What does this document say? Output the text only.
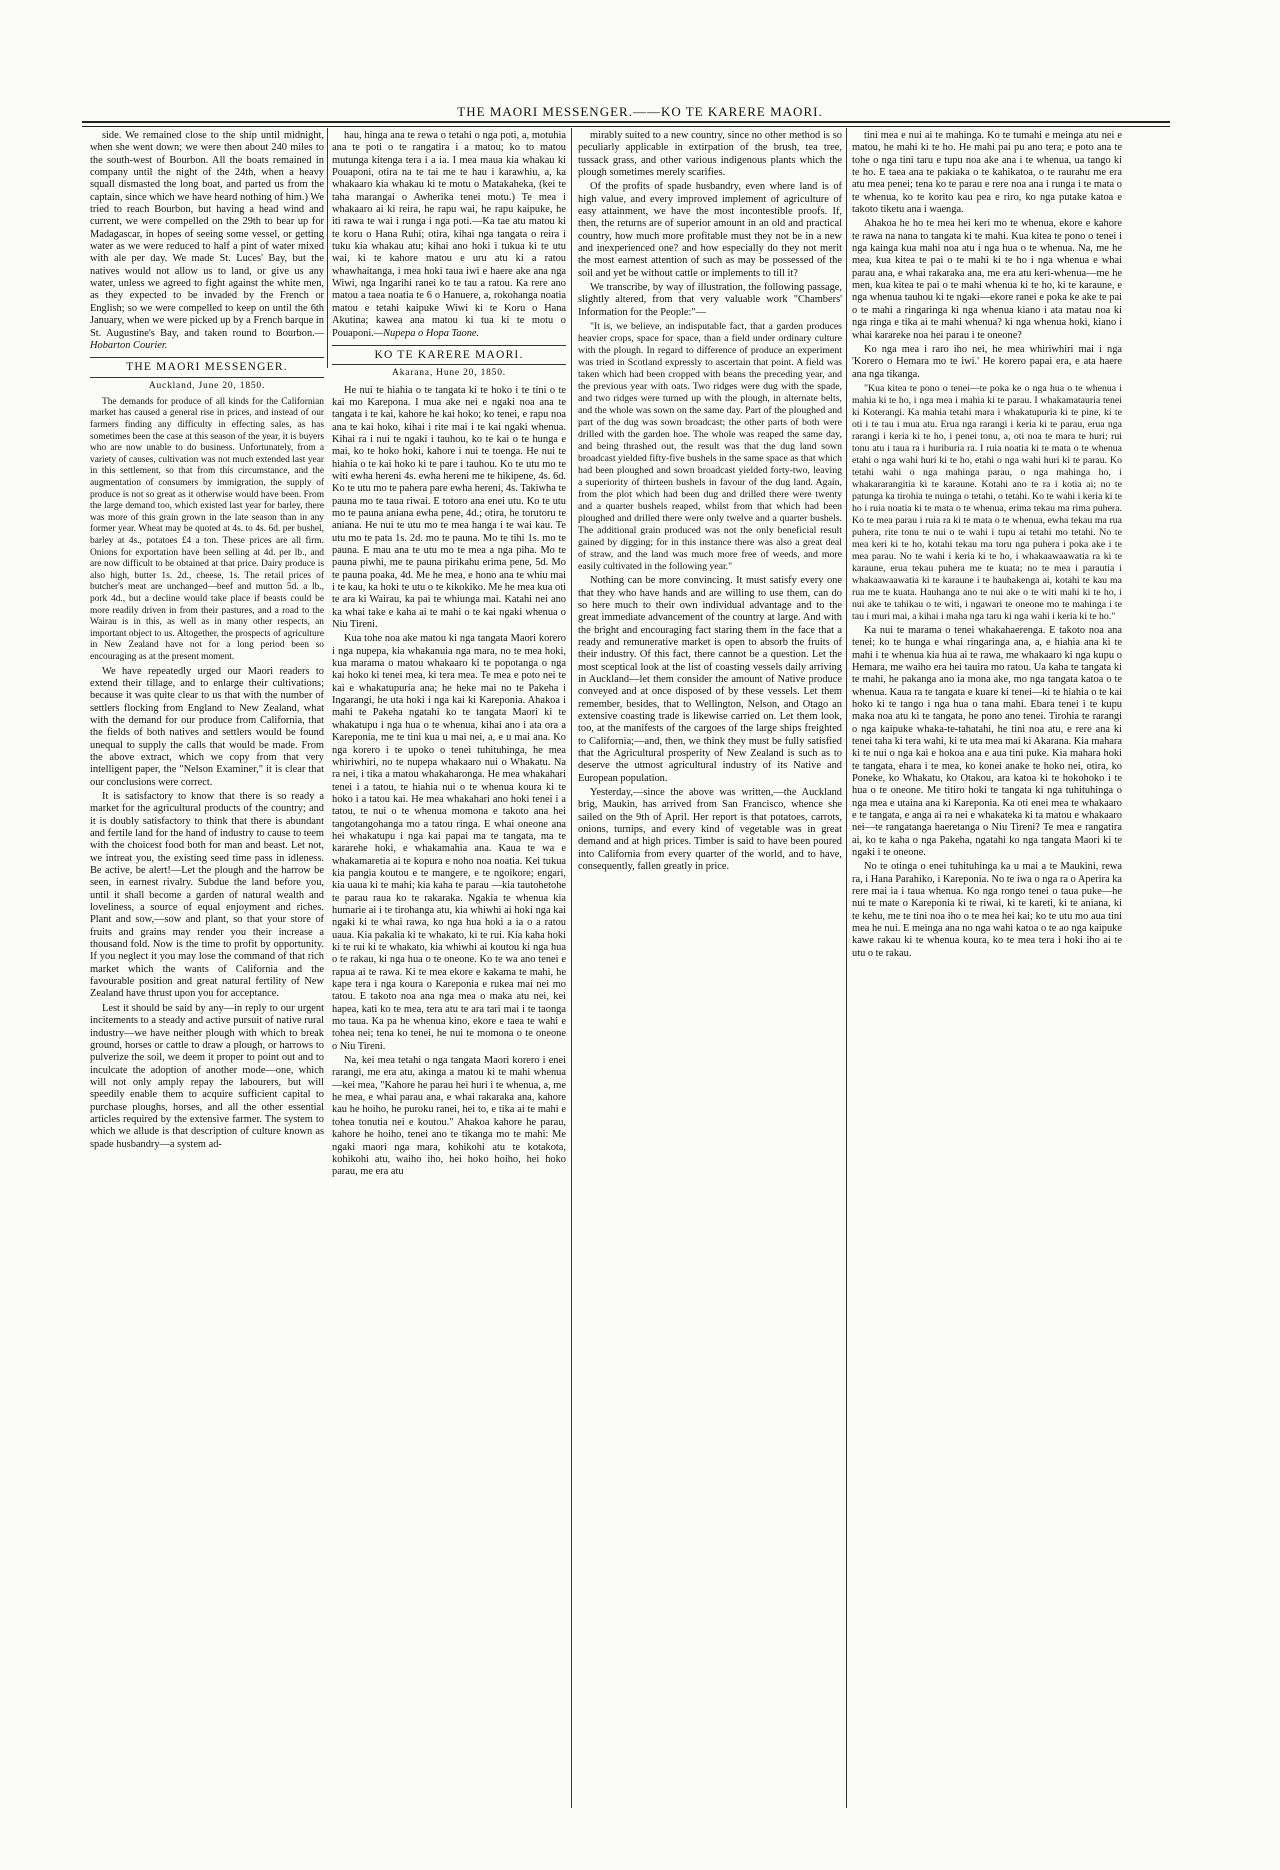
THE MAORI MESSENGER.——KO TE KARERE MAORI.

side. We remained close to the ship until midnight, when she went down; we were then about 240 miles to the south-west of Bourbon. All the boats remained in company until the night of the 24th, when a heavy squall dismasted the long boat, and parted us from the captain, since which we have heard nothing of him.) We tried to reach Bourbon, but having a head wind and current, we were compelled on the 29th to bear up for Madagascar, in hopes of seeing some vessel, or getting water as we were reduced to half a pint of water mixed with ale per day. We made St. Luces' Bay, but the natives would not allow us to land, or give us any water, unless we agreed to fight against the white men, as they expected to be invaded by the French or English; so we were compelled to keep on until the 6th January, when we were picked up by a French barque in St. Augustine's Bay, and taken round to Bourbon.—Hobarton Courier.

THE MAORI MESSENGER.
Auckland, June 20, 1850.

The demands for produce of all kinds for the Californian market has caused a general rise in prices, and instead of our farmers finding any difficulty in effecting sales, as has sometimes been the case at this season of the year, it is buyers who are now unable to do business. Unfortunately, from a variety of causes, cultivation was not much extended last year in this settlement, so that from this circumstance, and the augmentation of consumers by immigration, the supply of produce is not so great as it otherwise would have been. From the large demand too, which existed last year for barley, there was more of this grain grown in the late season than in any former year. Wheat may be quoted at 4s. to 4s. 6d. per bushel, barley at 4s., potatoes £4 a ton. These prices are all firm. Onions for exportation have been selling at 4d. per lb., and are now difficult to be obtained at that price. Dairy produce is also high, butter 1s. 2d., cheese, 1s. The retail prices of butcher's meat are unchanged—beef and mutton 5d. a lb., pork 4d., but a decline would take place if beasts could be more readily driven in from their pastures, and a road to the Wairau is in this, as well as in many other respects, an important object to us. Altogether, the prospects of agriculture in New Zealand have not for a long period been so encouraging as at the present moment.

We have repeatedly urged our Maori readers to extend their tillage, and to enlarge their cultivations; because it was quite clear to us that with the number of settlers flocking from England to New Zealand, what with the demand for our produce from California, that the fields of both natives and settlers would be found unequal to supply the calls that would be made. From the above extract, which we copy from that very intelligent paper, the "Nelson Examiner," it is clear that our conclusions were correct.

It is satisfactory to know that there is so ready a market for the agricultural products of the country; and it is doubly satisfactory to think that there is abundant and fertile land for the hand of industry to cause to teem with the choicest food both for man and beast. Let not, we intreat you, the existing seed time pass in idleness. Be active, be alert!—Let the plough and the harrow be seen, in earnest rivalry. Subdue the land before you, until it shall become a garden of natural wealth and loveliness, a source of equal enjoyment and riches. Plant and sow,—sow and plant, so that your store of fruits and grains may render you their increase a thousand fold. Now is the time to profit by opportunity. If you neglect it you may lose the command of that rich market which the wants of California and the favourable position and great natural fertility of New Zealand have thrust upon you for acceptance.

Lest it should be said by any—in reply to our urgent incitements to a steady and active pursuit of native rural industry—we have neither plough with which to break ground, horses or cattle to draw a plough, or harrows to pulverize the soil, we deem it proper to point out and to inculcate the adoption of another mode—one, which will not only amply repay the labourers, but will speedily enable them to acquire sufficient capital to purchase ploughs, horses, and all the other essential articles required by the extensive farmer. The system to which we allude is that description of culture known as spade husbandry—a system ad-

hau, hinga ana te rewa o tetahi o nga poti, a, motuhia ana te poti o te rangatira i a matou; ko to matou mutunga kitenga tera i a ia. I mea maua kia whakau ki Pouaponi, otira na te tai me te hau i karawhiu, a, ka whakaaro kia whakau ki te motu o Matakaheka, (kei te taha marangai o Awherika tenei motu.) Te mea i whakaaro ai ki reira, he rapu wai, he rapu kaipuke, he iti rawa te wai i runga i nga poti.—Ka tae atu matou ki te koru o Hana Ruhi; otira, kihai nga tangata o reira i tuku kia whakau atu; kihai ano hoki i tukua ki te utu wai, ki te kahore matou e uru atu ki a ratou whawhaitanga, i mea hoki taua iwi e haere ake ana nga Wiwi, nga Ingarihi ranei ko te tau a ratou. Ka rere ano matou a taea noatia te 6 o Hanuere, a, rokohanga noatia matou e tetahi kaipuke Wiwi ki te Koru o Hana Akutina; kawea ana matou ki tua ki te motu o Pouaponi.—Nupepa o Hopa Taone.

KO TE KARERE MAORI.
Akarana, Hune 20, 1850.

He nui te hiahia o te tangata ki te hoko i te tini o te kai mo Karepona. I mua ake nei e ngaki noa ana te tangata i te kai, kahore he kai hoko; ko tenei, e rapu noa ana te kai hoko, kihai i rite mai i te kai ngaki whenua. Kihai ra i nui te ngaki i tauhou, ko te kai o te hunga e mai, ko te hoko hoki, kahore i nui te toenga. He nui te hiahia o te kai hoko ki te pare i tauhou. Ko te utu mo te witi ewha hereni 4s. ewha hereni me te hikipene, 4s. 6d. Ko te utu mo te pahera pare ewha hereni, 4s. Takiwha te pauna mo te taua riwai. E totoro ana enei utu. Ko te utu mo te pauna aniana ewha pene, 4d.; otira, he torutoru te aniana. He nui te utu mo te mea hanga i te wai kau. Te utu mo te pata 1s. 2d. mo te pauna. Mo te tihi 1s. mo te pauna. E mau ana te utu mo te mea a nga piha. Mo te pauna piwhi, me te pauna pirikahu erima pene, 5d. Mo te pauna poaka, 4d. Me he mea, e hono ana te whiu mai i te kau, ka hoki te utu o te kikokiko. Me he mea kua oti te ara ki Wairau, ka pai te whiunga mai. Katahi nei ano ka whai take e kaha ai te mahi o te kai ngaki whenua o Niu Tireni.

Kua tohe noa ake matou ki nga tangata Maori korero i nga nupepa, kia whakanuia nga mara, no te mea hoki, kua marama o matou whakaaro ki te popotanga o nga kai hoko ki tenei mea, ki tera mea. Te mea e poto nei te kai e whakatupuria ana; he heke mai no te Pakeha i Ingarangi, he uta hoki i nga kai ki Kareponia. Ahakoa i mahi te Pakeha ngatahi ko te tangata Maori ki te whakatupu i nga hua o te whenua, kihai ano i ata ora a Kareponia, me te tini kua u mai nei, a, e u mai ana. Ko nga korero i te upoko o tenei tuhituhinga, he mea whiriwhiri, no te nupepa whakaaro nui o Whakatu. Na ra nei, i tika a matou whakaharonga. He mea whakahari tenei i a tatou, te hiahia nui o te whenua koura ki te hoko i a tatou kai. He mea whakahari ano hoki tenei i a tatou, te nui o te whenua momona e takoto ana hei tangotangohanga mo a tatou ringa. E whai oneone ana hei whakatupu i nga kai papai ma te tangata, ma te kararehe hoki, e whakamahia ana. Kaua te wa e whakamaretia ai te kopura e noho noa noatia. Kei tukua kia pangia koutou e te mangere, e te ngoikore; engari, kia uaua ki te mahi; kia kaha te parau —kia tautohetohe te parau raua ko te rakaraka. Ngakia te whenua kia humarie ai i te tirohanga atu, kia whiwhi ai hoki nga kai ngaki ki te whai rawa, ko nga hua hoki a ia o a ratou uaua. Kia pakalia ki te whakato, ki te rui. Kia kaha hoki ki te rui ki te whakato, kia whiwhi ai koutou ki nga hua o te rakau, ki nga hua o te oneone. Ko te wa ano tenei e rapua ai te rawa. Ki te mea ekore e kakama te mahi, he kape tera i nga koura o Kareponia e rukea mai nei mo tatou. E takoto noa ana nga mea o maka atu nei, kei hapea, kati ko te mea, tera atu te ara tari mai i te taonga mo taua. Ka pa he whenua kino, ekore e taea te wahi e tohea nei; tena ko tenei, he nui te momona o te oneone o Niu Tireni.

Na, kei mea tetahi o nga tangata Maori korero i enei rarangi, me era atu, akinga a matou ki te mahi whenua—kei mea, "Kahore he parau hei huri i te whenua, a, me he mea, e whai parau ana, e whai rakaraka ana, kahore kau he hoiho, he puroku ranei, hei to, e tika ai te mahi e tohea tonutia nei e koutou." Ahakoa kahore he parau, kahore he hoiho, tenei ano te tikanga mo te mahi: Me ngaki maori nga mara, kohikohi atu te kotakota, kohikohi atu, waiho iho, hei hoko hoiho, hei hoko parau, me era atu

mirably suited to a new country, since no other method is so peculiarly applicable in extirpation of the brush, tea tree, tussack grass, and other various indigenous plants which the plough sometimes merely scarifies.

Of the profits of spade husbandry, even where land is of high value, and every improved implement of agriculture of easy attainment, we have the most incontestible proofs. If, then, the returns are of superior amount in an old and practical country, how much more profitable must they not be in a new and inexperienced one? and how especially do they not merit the most earnest attention of such as may be possessed of the soil and yet be without cattle or implements to till it?

We transcribe, by way of illustration, the following passage, slightly altered, from that very valuable work "Chambers' Information for the People:"—

"It is, we believe, an indisputable fact, that a garden produces heavier crops, space for space, than a field under ordinary culture with the plough. In regard to difference of produce an experiment was tried in Scotland expressly to ascertain that point. A field was taken which had been cropped with beans the preceding year, and the previous year with oats. Two ridges were dug with the spade, and two ridges were turned up with the plough, in alternate belts, and the whole was sown on the same day. Part of the ploughed and part of the dug was sown broadcast; the other parts of both were drilled with the garden hoe. The whole was reaped the same day, and being thrashed out, the result was that the dug land sown broadcast yielded fifty-five bushels in the same space as that which had been ploughed and sown broadcast yielded forty-two, leaving a superiority of thirteen bushels in favour of the dug land. Again, from the plot which had been dug and drilled there were twenty and a quarter bushels reaped, whilst from that which had been ploughed and drilled there were only twelve and a quarter bushels. The additional grain produced was not the only beneficial result gained by digging; for in this instance there was also a great deal of straw, and the land was much more free of weeds, and more easily cultivated in the following year."

Nothing can be more convincing. It must satisfy every one that they who have hands and are willing to use them, can do so here much to their own individual advantage and to the great immediate advancement of the country at large. And with the bright and encouraging fact staring them in the face that a ready and remunerative market is open to absorb the fruits of their industry. Of this fact, there cannot be a question. Let the most sceptical look at the list of coasting vessels daily arriving in Auckland—let them consider the amount of Native produce conveyed and at once disposed of by these vessels. Let them remember, besides, that to Wellington, Nelson, and Otago an extensive coasting trade is likewise carried on. Let them look, too, at the manifests of the cargoes of the large ships freighted to California;—and, then, we think they must be fully satisfied that the Agricultural prosperity of New Zealand is such as to deserve the utmost agricultural industry of its Native and European population.

Yesterday,—since the above was written,—the Auckland brig, Maukin, has arrived from San Francisco, whence she sailed on the 9th of April. Her report is that potatoes, carrots, onions, turnips, and every kind of vegetable was in great demand and at high prices. Timber is said to have been poured into California from every quarter of the world, and to have, consequently, fallen greatly in price.

tini mea e nui ai te mahinga. Ko te tumahi e meinga atu nei e matou, he mahi ki te ho. He mahi pai pu ano tera; e poto ana te tohe o nga tini taru e tupu noa ake ana i te whenua, ua tango ki te ho. E taea ana te pakiaka o te kahikatoa, o te raurahu me era atu mea penei; tena ko te parau e rere noa ana i runga i te mata o te whenua, ko te korito kau pea e riro, ko nga putake katoa e takoto tiketu ana i waenga.

Ahakoa he ho te mea hei keri mo te whenua, ekore e kahore te rawa na nana to tangata ki te mahi. Kua kitea te pono o tenei i nga kainga kua mahi noa atu i nga hua o te whenua. Na, me he mea, kua kitea te pai o te mahi ki te ho i nga whenua e whai parau ana, e whai rakaraka ana, me era atu keri-whenua—me he men, kua kitea te pai o te mahi whenua ki te ho, ki te karaune, e nga whenua tauhou ki te ngaki—ekore ranei e poka ke ake te pai o te mahi a ringaringa ki nga whenua kiano i ata matau noa ki nga ringa e tika ai te mahi whenua? ki nga whenua hoki, kiano i whai karareke noa hei parau i te oneone?

Ko nga mea i raro iho nei, he mea whiriwhiri mai i nga 'Korero o Hemara mo te iwi.' He korero papai era, e ata haere ana nga tikanga.

"Kua kitea te pono o tenei—te poka ke o nga hua o te whenua i mahia ki te ho, i nga mea i mahia ki te parau. I whakamatauria tenei ki Koterangi. Ka mahia tetahi mara i whakatupuria ki te pine, ki te oti i te tau i mua atu. Erua nga rarangi i keria ki te parau, erua nga rarangi i keria ki te ho, i penei tonu, a, oti noa te mara te huri; rui tonu atu i taua ra i huriburia ra. I ruia noatia ki te mata o te whenua etahi o nga wahi huri ki te ho, etahi o nga wahi huri ki te parau. Ko tetahi wahi o nga mahinga parau, o nga mahinga ho, i whakararangitia ki te karaune. Kotahi ano te ra i kotia ai; no te patunga ka tirohia te nuinga o tetahi, o tetahi. Ko te wahi i keria ki te ho i ruia noatia ki te mata o te whenua, erima tekau ma rima puhera. Ko te mea parau i ruia ra ki te mata o te whenua, ewha tekau ma rua puhera, rite tonu te nui o te wahi i tupu ai tetahi mo tetahi. No te mea keri ki te ho, kotahi tekau ma toru nga puhera i poka ake i te mea parau. No te wahi i keria ki te ho, i whakaawaawatia ra ki te karaune, erua tekau puhera me te kuata; no te mea i parautia i whakaawaawatia ki te karaune i te hauhakenga ai, kotahi te kau ma rua me te kuata. Hauhanga ano te nui ake o te witi mahi ki te ho, i nui ake te tahikau o te witi, i ngawari te oneone mo te mahinga i te tau i muri mai, a kihai i maha nga taru ki nga wahi i keria ki te ho."

Ka nui te marama o tenei whakahaerenga. E takoto noa ana tenei; ko te hunga e whai ringaringa ana, a, e hiahia ana ki te mahi i te whenua kia hua ai te rawa, me whakaaro ki nga kupu o Hemara, me waiho era hei tauira mo ratou. Ua kaha te tangata ki te mahi, he pakanga ano ia mona ake, mo nga tangata katoa o te whenua. Kaua ra te tangata e kuare ki tenei—ki te hiahia o te kai hoko ki te tango i nga hua o tana mahi. Ebara tenei i te kupu maka noa atu ki te tangata, he pono ano tenei. Tirohia te rarangi o nga kaipuke whaka-te-tahatahi, he tini noa atu, e rere ana ki tenei taha ki tera wahi, ki te uta mea mai ki Akarana. Kia mahara ki te nui o nga kai e hokoa ana e aua tini puke. Kia mahara hoki te tangata, ehara i te mea, ko konei anake te hoko nei, otira, ko Poneke, ko Whakatu, ko Otakou, ara katoa ki te hokohoko i te hua o te oneone. Me titiro hoki te tangata ki nga tuhituhinga o nga mea e utaina ana ki Kareponia. Ka oti enei mea te whakaaro e te tangata, e anga ai ra nei e whakateka ki ta matou e whakaaro nei—te rangatanga haeretanga o Niu Tireni? Te mea e rangatira ai, ko te kaha o nga Pakeha, ngatahi ko nga tangata Maori ki te ngaki i te oneone.

No te otinga o enei tuhituhinga ka u mai a te Maukini, rewa ra, i Hana Parahiko, i Kareponia. No te iwa o nga ra o Aperira ka rere mai ia i taua whenua. Ko nga rongo tenei o taua puke—he nui te mate o Kareponia ki te riwai, ki te kareti, ki te aniana, ki te kehu, me te tini noa iho o te mea hei kai; ko te utu mo aua tini mea he nui. E meinga ana no nga wahi katoa o te ao nga kaipuke kawe rakau ki te whenua koura, ko te mea tera i hoki iho ai te utu o te rakau.
